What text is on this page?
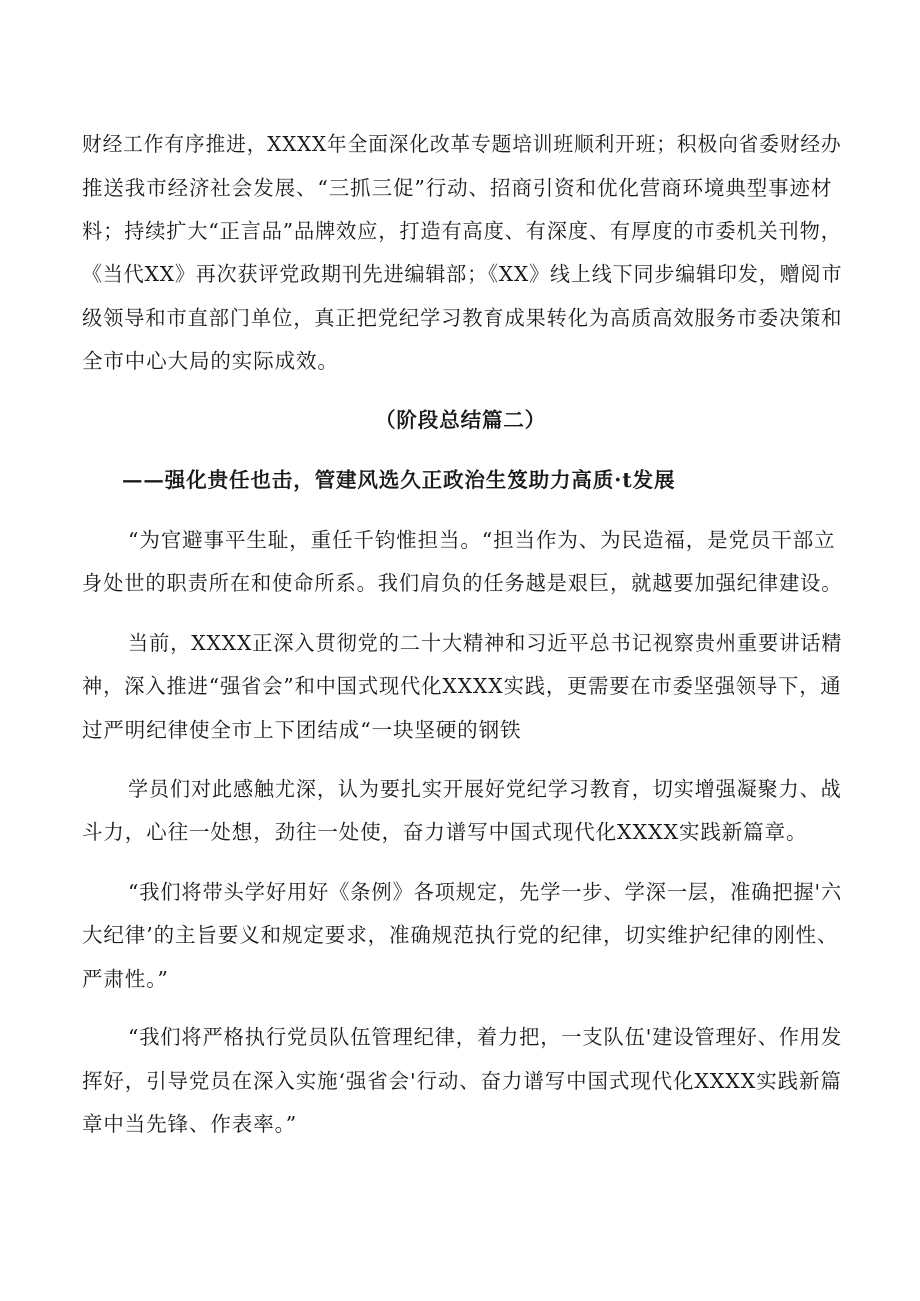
财经工作有序推进，XXXX年全面深化改革专题培训班顺利开班；积极向省委财经办
推送我市经济社会发展、“三抓三促”行动、招商引资和优化营商环境典型事迹材
料；持续扩大“正言品”品牌效应，打造有高度、有深度、有厚度的市委机关刊物，
《当代XX》再次获评党政期刊先进编辑部；《XX》线上线下同步编辑印发，赠阅市
级领导和市直部门单位，真正把党纪学习教育成果转化为高质高效服务市委决策和
全市中心大局的实际成效。
（阶段总结篇二）
——强化贵任也击，管建风选久正政治生笈助力高质·t发展
“为官避事平生耻，重任千钧惟担当。“担当作为、为民造福，是党员干部立
身处世的职责所在和使命所系。我们肩负的任务越是艰巨，就越要加强纪律建设。
当前，XXXX正深入贯彻党的二十大精神和习近平总书记视察贵州重要讲话精
神，深入推进“强省会”和中国式现代化XXXX实践，更需要在市委坚强领导下，通
过严明纪律使全市上下团结成“一块坚硬的钢铁
学员们对此感触尤深，认为要扎实开展好党纪学习教育，切实增强凝聚力、战
斗力，心往一处想，劲往一处使，奋力谱写中国式现代化XXXX实践新篇章。
“我们将带头学好用好《条例》各项规定，先学一步、学深一层，准确把握'六
大纪律’的主旨要义和规定要求，准确规范执行党的纪律，切实维护纪律的刚性、
严肃性。”
“我们将严格执行党员队伍管理纪律，着力把，一支队伍'建设管理好、作用发
挥好，引导党员在深入实施‘强省会'行动、奋力谱写中国式现代化XXXX实践新篇
章中当先锋、作表率。”
